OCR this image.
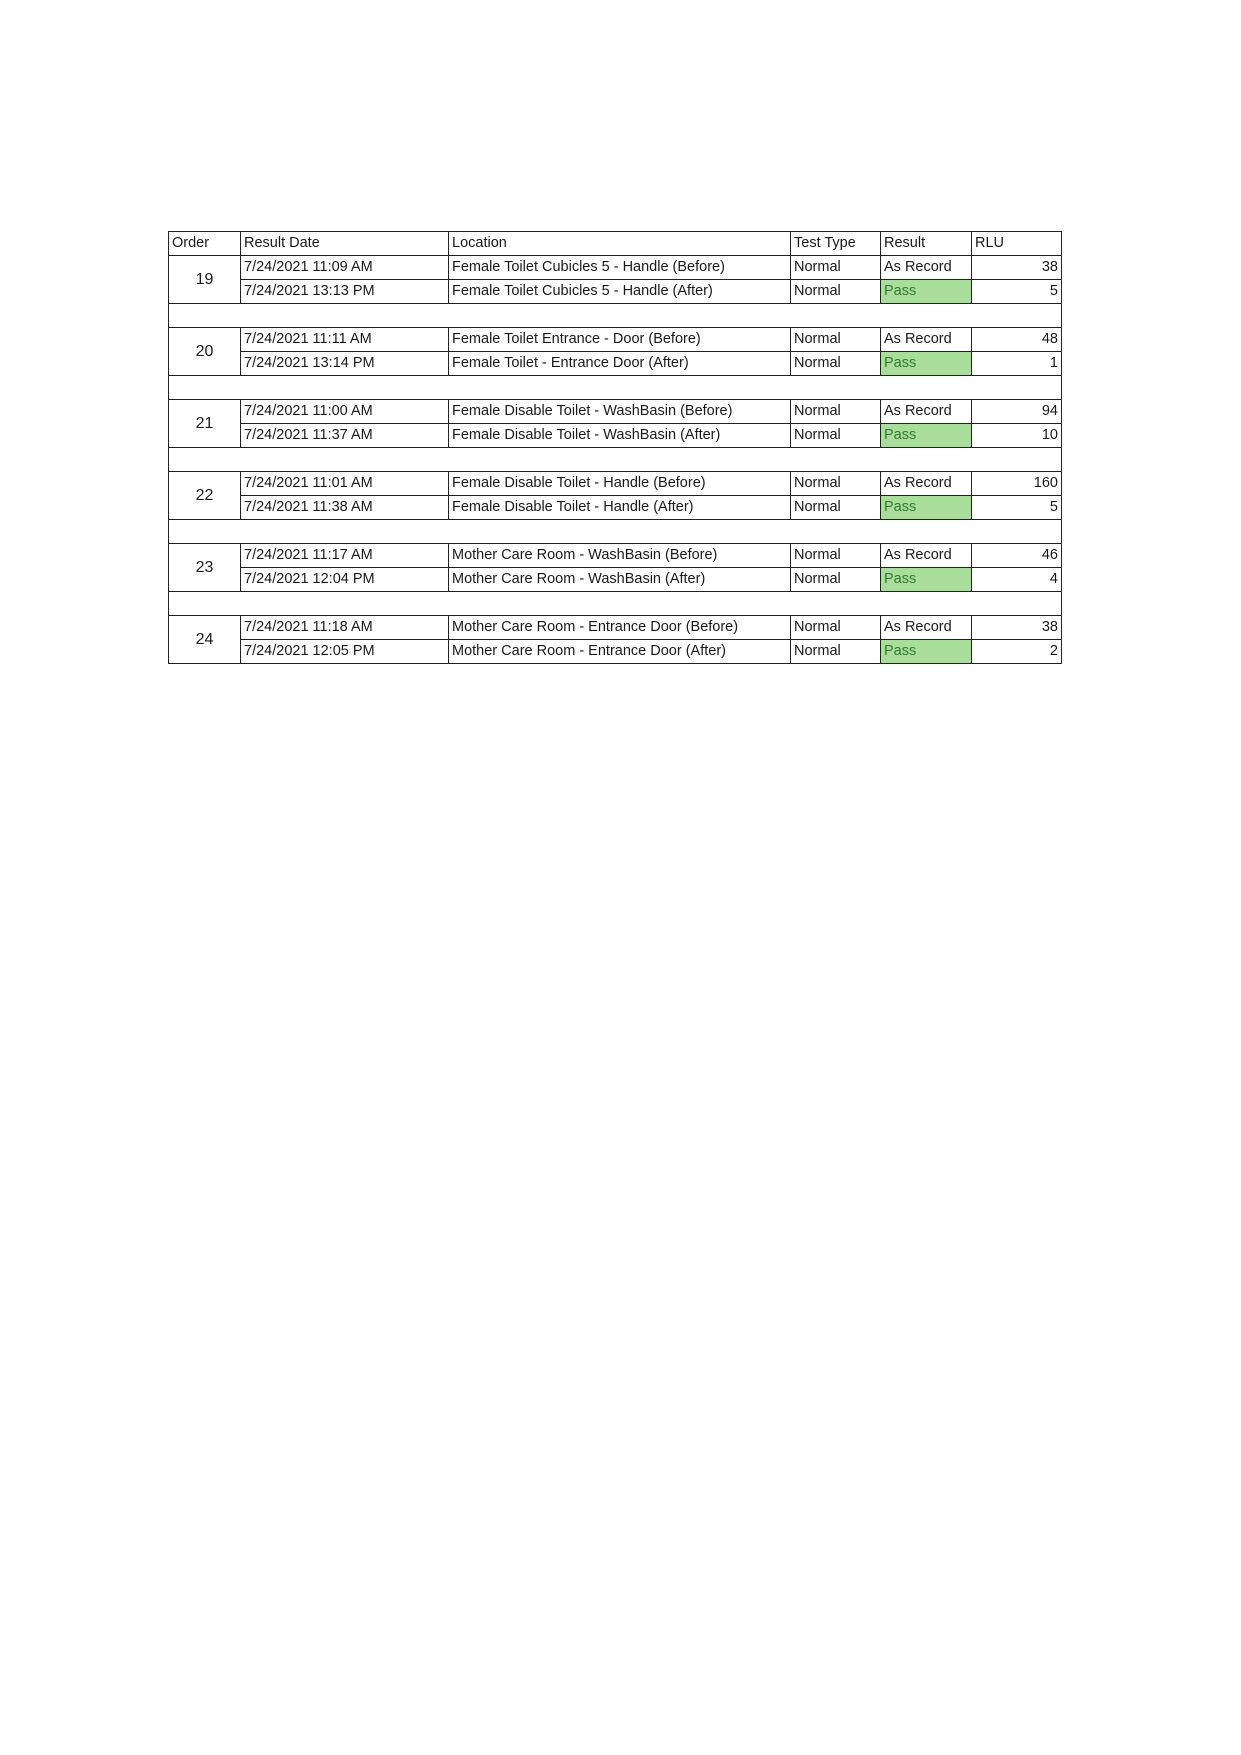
Order	Result Date	Location	Test Type	Result	RLU
19	7/24/2021 11:09 AM	Female Toilet Cubicles 5 - Handle (Before)	Normal	As Record	38
	7/24/2021 13:13 PM	Female Toilet Cubicles 5 - Handle (After)	Normal	Pass	5

20	7/24/2021 11:11 AM	Female Toilet Entrance - Door (Before)	Normal	As Record	48
	7/24/2021 13:14 PM	Female Toilet - Entrance Door (After)	Normal	Pass	1

21	7/24/2021 11:00 AM	Female Disable Toilet - WashBasin (Before)	Normal	As Record	94
	7/24/2021 11:37 AM	Female Disable Toilet - WashBasin (After)	Normal	Pass	10

22	7/24/2021 11:01 AM	Female Disable Toilet - Handle (Before)	Normal	As Record	160
	7/24/2021 11:38 AM	Female Disable Toilet - Handle (After)	Normal	Pass	5

23	7/24/2021 11:17 AM	Mother Care Room - WashBasin (Before)	Normal	As Record	46
	7/24/2021 12:04 PM	Mother Care Room - WashBasin (After)	Normal	Pass	4

24	7/24/2021 11:18 AM	Mother Care Room - Entrance Door (Before)	Normal	As Record	38
	7/24/2021 12:05 PM	Mother Care Room - Entrance Door (After)	Normal	Pass	2
